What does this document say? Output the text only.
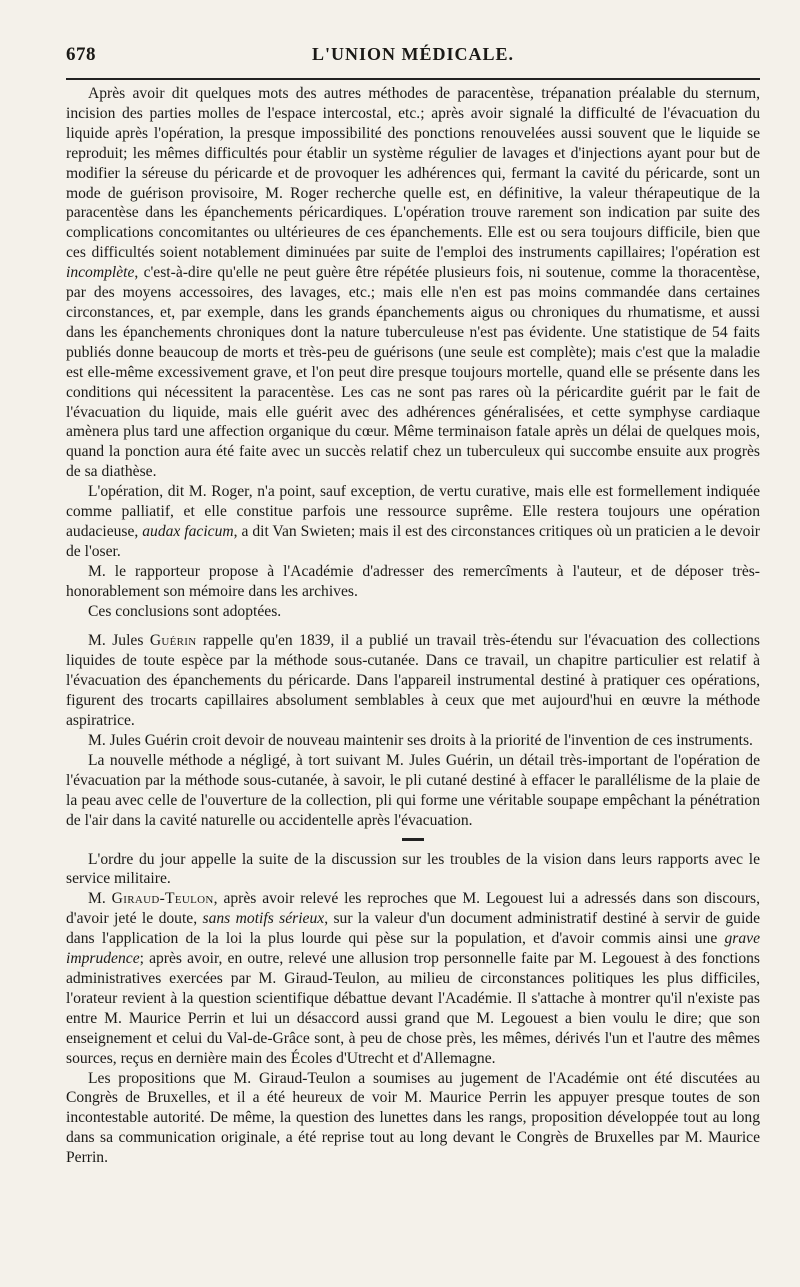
678	L'UNION MÉDICALE.

Après avoir dit quelques mots des autres méthodes de paracentèse, trépanation préalable du sternum, incision des parties molles de l'espace intercostal, etc.; après avoir signalé la difficulté de l'évacuation du liquide après l'opération, la presque impossibilité des ponctions renouvelées aussi souvent que le liquide se reproduit; les mêmes difficultés pour établir un système régulier de lavages et d'injections ayant pour but de modifier la séreuse du péricarde et de provoquer les adhérences qui, fermant la cavité du péricarde, sont un mode de guérison provisoire, M. Roger recherche quelle est, en définitive, la valeur thérapeutique de la paracentèse dans les épanchements péricardiques. L'opération trouve rarement son indication par suite des complications concomitantes ou ultérieures de ces épanchements. Elle est ou sera toujours difficile, bien que ces difficultés soient notablement diminuées par suite de l'emploi des instruments capillaires; l'opération est incomplète, c'est-à-dire qu'elle ne peut guère être répétée plusieurs fois, ni soutenue, comme la thoracentèse, par des moyens accessoires, des lavages, etc.; mais elle n'en est pas moins commandée dans certaines circonstances, et, par exemple, dans les grands épanchements aigus ou chroniques du rhumatisme, et aussi dans les épanchements chroniques dont la nature tuberculeuse n'est pas évidente. Une statistique de 54 faits publiés donne beaucoup de morts et très-peu de guérisons (une seule est complète); mais c'est que la maladie est elle-même excessivement grave, et l'on peut dire presque toujours mortelle, quand elle se présente dans les conditions qui nécessitent la paracentèse. Les cas ne sont pas rares où la péricardite guérit par le fait de l'évacuation du liquide, mais elle guérit avec des adhérences généralisées, et cette symphyse cardiaque amènera plus tard une affection organique du cœur. Même terminaison fatale après un délai de quelques mois, quand la ponction aura été faite avec un succès relatif chez un tuberculeux qui succombe ensuite aux progrès de sa diathèse.

L'opération, dit M. Roger, n'a point, sauf exception, de vertu curative, mais elle est formellement indiquée comme palliatif, et elle constitue parfois une ressource suprême. Elle restera toujours une opération audacieuse, audax facicum, a dit Van Swieten; mais il est des circonstances critiques où un praticien a le devoir de l'oser.

M. le rapporteur propose à l'Académie d'adresser des remercîments à l'auteur, et de déposer très-honorablement son mémoire dans les archives.

Ces conclusions sont adoptées.

M. Jules Guérin rappelle qu'en 1839, il a publié un travail très-étendu sur l'évacuation des collections liquides de toute espèce par la méthode sous-cutanée. Dans ce travail, un chapitre particulier est relatif à l'évacuation des épanchements du péricarde. Dans l'appareil instrumental destiné à pratiquer ces opérations, figurent des trocarts capillaires absolument semblables à ceux que met aujourd'hui en œuvre la méthode aspiratrice.

M. Jules Guérin croit devoir de nouveau maintenir ses droits à la priorité de l'invention de ces instruments.

La nouvelle méthode a négligé, à tort suivant M. Jules Guérin, un détail très-important de l'opération de l'évacuation par la méthode sous-cutanée, à savoir, le pli cutané destiné à effacer le parallélisme de la plaie de la peau avec celle de l'ouverture de la collection, pli qui forme une véritable soupape empêchant la pénétration de l'air dans la cavité naturelle ou accidentelle après l'évacuation.

L'ordre du jour appelle la suite de la discussion sur les troubles de la vision dans leurs rapports avec le service militaire.

M. Giraud-Teulon, après avoir relevé les reproches que M. Legouest lui a adressés dans son discours, d'avoir jeté le doute, sans motifs sérieux, sur la valeur d'un document administratif destiné à servir de guide dans l'application de la loi la plus lourde qui pèse sur la population, et d'avoir commis ainsi une grave imprudence; après avoir, en outre, relevé une allusion trop personnelle faite par M. Legouest à des fonctions administratives exercées par M. Giraud-Teulon, au milieu de circonstances politiques les plus difficiles, l'orateur revient à la question scientifique débattue devant l'Académie. Il s'attache à montrer qu'il n'existe pas entre M. Maurice Perrin et lui un désaccord aussi grand que M. Legouest a bien voulu le dire; que son enseignement et celui du Val-de-Grâce sont, à peu de chose près, les mêmes, dérivés l'un et l'autre des mêmes sources, reçus en dernière main des Écoles d'Utrecht et d'Allemagne.

Les propositions que M. Giraud-Teulon a soumises au jugement de l'Académie ont été discutées au Congrès de Bruxelles, et il a été heureux de voir M. Maurice Perrin les appuyer presque toutes de son incontestable autorité. De même, la question des lunettes dans les rangs, proposition développée tout au long dans sa communication originale, a été reprise tout au long devant le Congrès de Bruxelles par M. Maurice Perrin.
